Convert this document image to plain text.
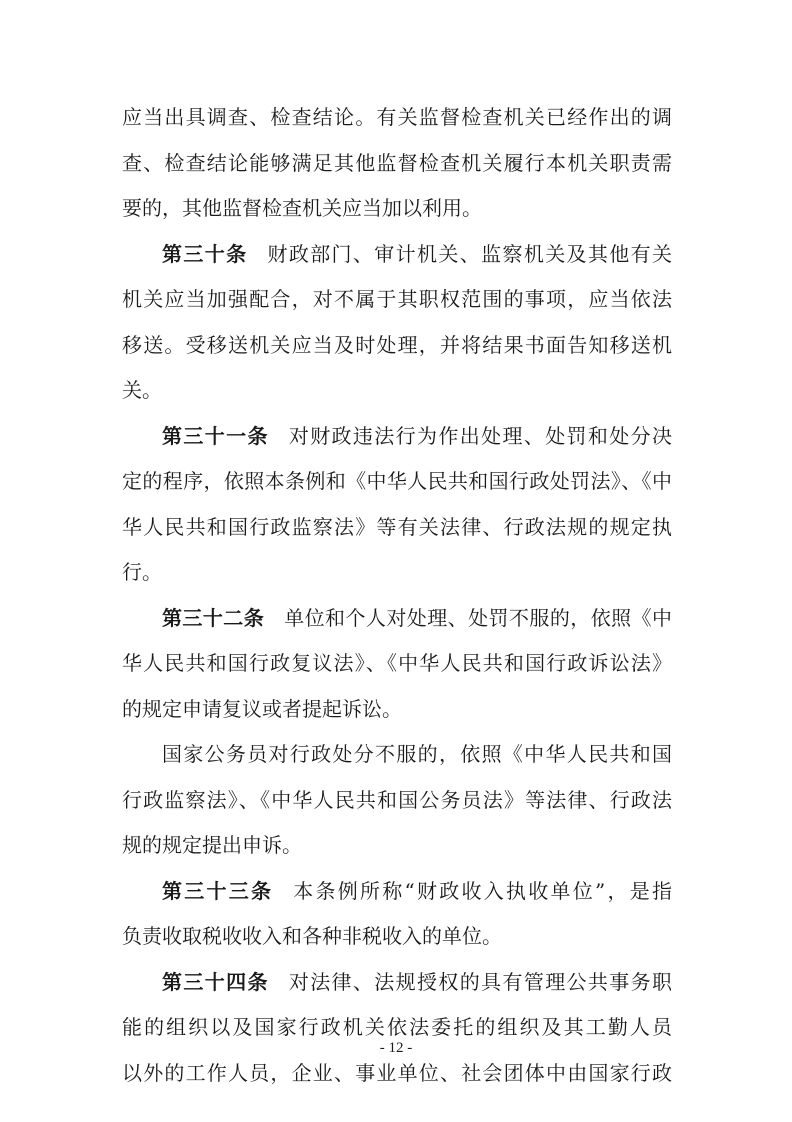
应当出具调查、检查结论。有关监督检查机关已经作出的调
查、检查结论能够满足其他监督检查机关履行本机关职责需
要的，其他监督检查机关应当加以利用。
第三十条 财政部门、审计机关、监察机关及其他有关
机关应当加强配合，对不属于其职权范围的事项，应当依法
移送。受移送机关应当及时处理，并将结果书面告知移送机
关。
第三十一条 对财政违法行为作出处理、处罚和处分决
定的程序，依照本条例和《中华人民共和国行政处罚法》、《中
华人民共和国行政监察法》等有关法律、行政法规的规定执
行。
第三十二条 单位和个人对处理、处罚不服的，依照《中
华人民共和国行政复议法》、《中华人民共和国行政诉讼法》
的规定申请复议或者提起诉讼。
国家公务员对行政处分不服的，依照《中华人民共和国
行政监察法》、《中华人民共和国公务员法》等法律、行政法
规的规定提出申诉。
第三十三条 本条例所称“财政收入执收单位”，是指
负责收取税收收入和各种非税收入的单位。
第三十四条 对法律、法规授权的具有管理公共事务职
能的组织以及国家行政机关依法委托的组织及其工勤人员
以外的工作人员，企业、事业单位、社会团体中由国家行政
- 12 -
